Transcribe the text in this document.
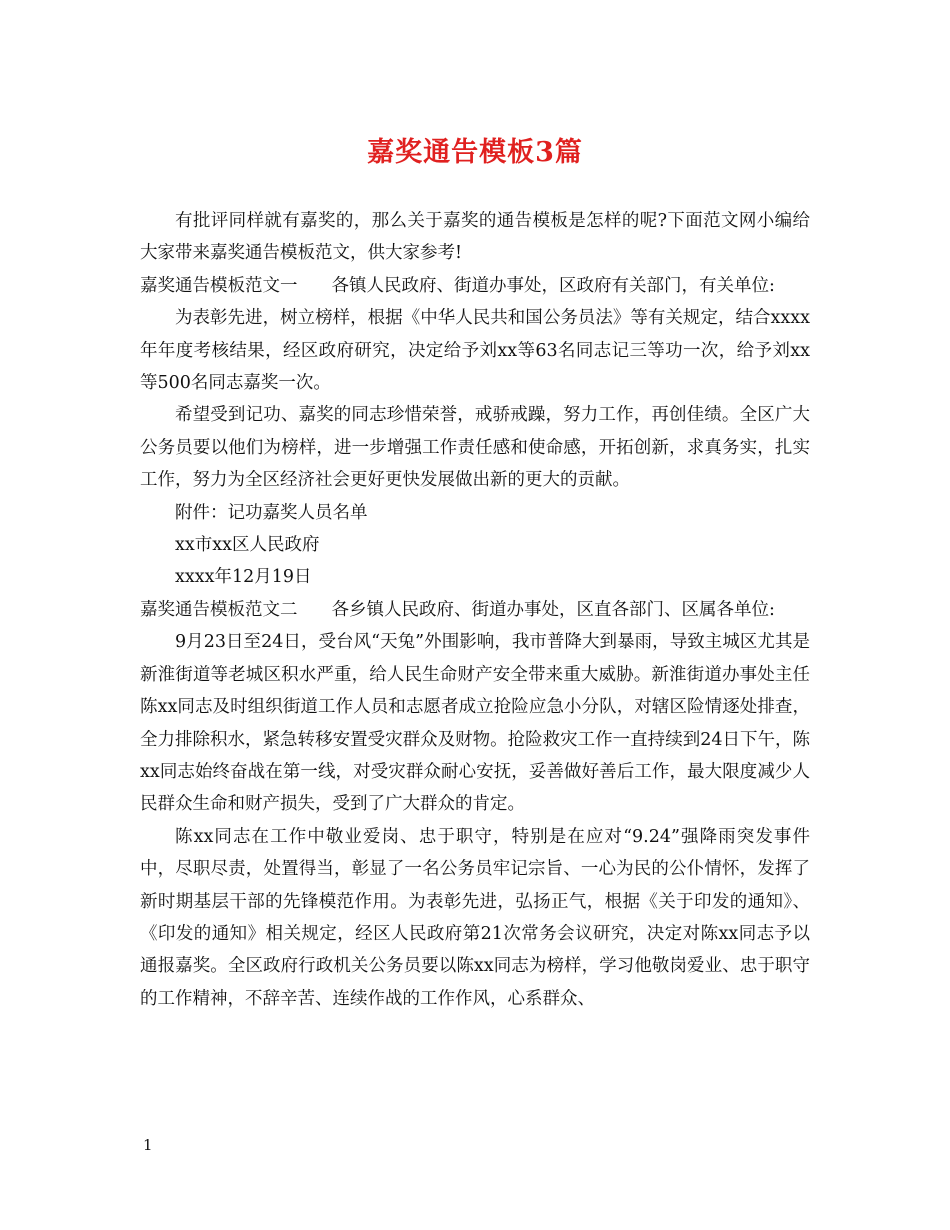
嘉奖通告模板3篇

有批评同样就有嘉奖的，那么关于嘉奖的通告模板是怎样的呢?下面范文网小编给大家带来嘉奖通告模板范文，供大家参考!

嘉奖通告模板范文一 各镇人民政府、街道办事处，区政府有关部门，有关单位:

为表彰先进，树立榜样，根据《中华人民共和国公务员法》等有关规定，结合xxxx年年度考核结果，经区政府研究，决定给予刘xx等63名同志记三等功一次，给予刘xx等500名同志嘉奖一次。

希望受到记功、嘉奖的同志珍惜荣誉，戒骄戒躁，努力工作，再创佳绩。全区广大公务员要以他们为榜样，进一步增强工作责任感和使命感，开拓创新，求真务实，扎实工作，努力为全区经济社会更好更快发展做出新的更大的贡献。

附件：记功嘉奖人员名单

xx市xx区人民政府

xxxx年12月19日

嘉奖通告模板范文二 各乡镇人民政府、街道办事处，区直各部门、区属各单位:

9月23日至24日，受台风“天兔”外围影响，我市普降大到暴雨，导致主城区尤其是新淮街道等老城区积水严重，给人民生命财产安全带来重大威胁。新淮街道办事处主任陈xx同志及时组织街道工作人员和志愿者成立抢险应急小分队，对辖区险情逐处排查，全力排除积水，紧急转移安置受灾群众及财物。抢险救灾工作一直持续到24日下午，陈xx同志始终奋战在第一线，对受灾群众耐心安抚，妥善做好善后工作，最大限度减少人民群众生命和财产损失，受到了广大群众的肯定。

陈xx同志在工作中敬业爱岗、忠于职守，特别是在应对“9.24”强降雨突发事件中，尽职尽责，处置得当，彰显了一名公务员牢记宗旨、一心为民的公仆情怀，发挥了新时期基层干部的先锋模范作用。为表彰先进，弘扬正气，根据《关于印发的通知》、《印发的通知》相关规定，经区人民政府第21次常务会议研究，决定对陈xx同志予以通报嘉奖。全区政府行政机关公务员要以陈xx同志为榜样，学习他敬岗爱业、忠于职守的工作精神，不辞辛苦、连续作战的工作作风，心系群众、

1
